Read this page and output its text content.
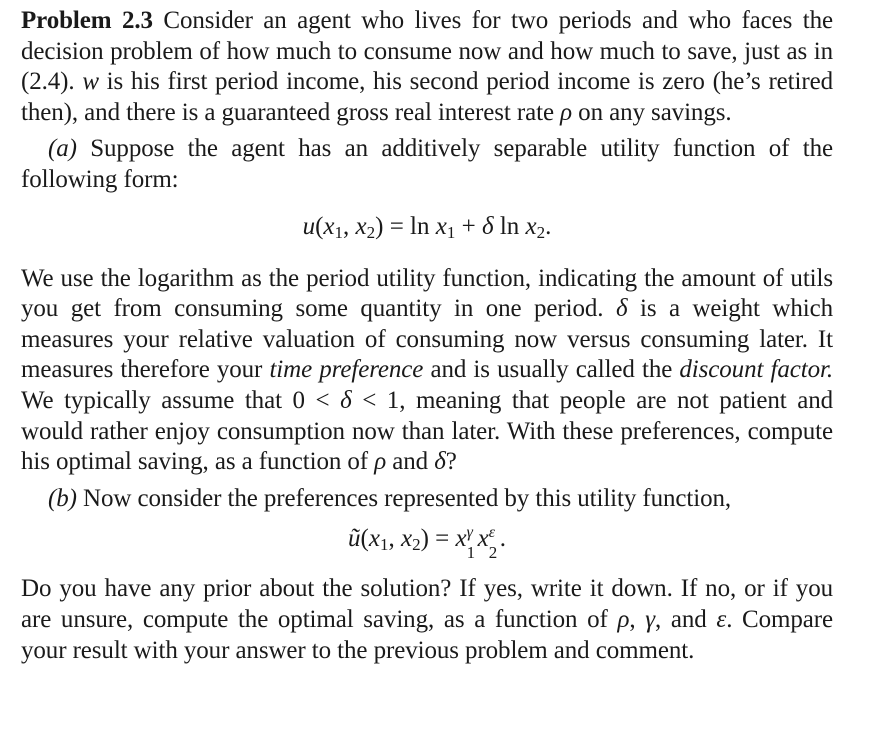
Problem 2.3 Consider an agent who lives for two periods and who faces the decision problem of how much to consume now and how much to save, just as in (2.4). w is his first period income, his second period income is zero (he’s retired then), and there is a guaranteed gross real interest rate ρ on any savings.

(a) Suppose the agent has an additively separable utility function of the following form:

$u(x_1$, $x_2) = \ln x_1 + \delta$ $\ln x_2$.

We use the logarithm as the period utility function, indicating the amount of utils you get from consuming some quantity in one period. δ is a weight which measures your relative valuation of consuming now versus consuming later. It measures therefore your time preference and is usually called the discount factor. We typically assume that 0 < δ < 1, meaning that people are not patient and would rather enjoy consumption now than later. With these preferences, compute his optimal saving, as a function of ρ and δ?

(b) Now consider the preferences represented by this utility function,

$ũ(x_1$, $x_2) = x$ γ
1
x ε
2
.

Do you have any prior about the solution? If yes, write it down. If no, or if you are unsure, compute the optimal saving, as a function of ρ, γ, and ε. Compare your result with your answer to the previous problem and comment.
